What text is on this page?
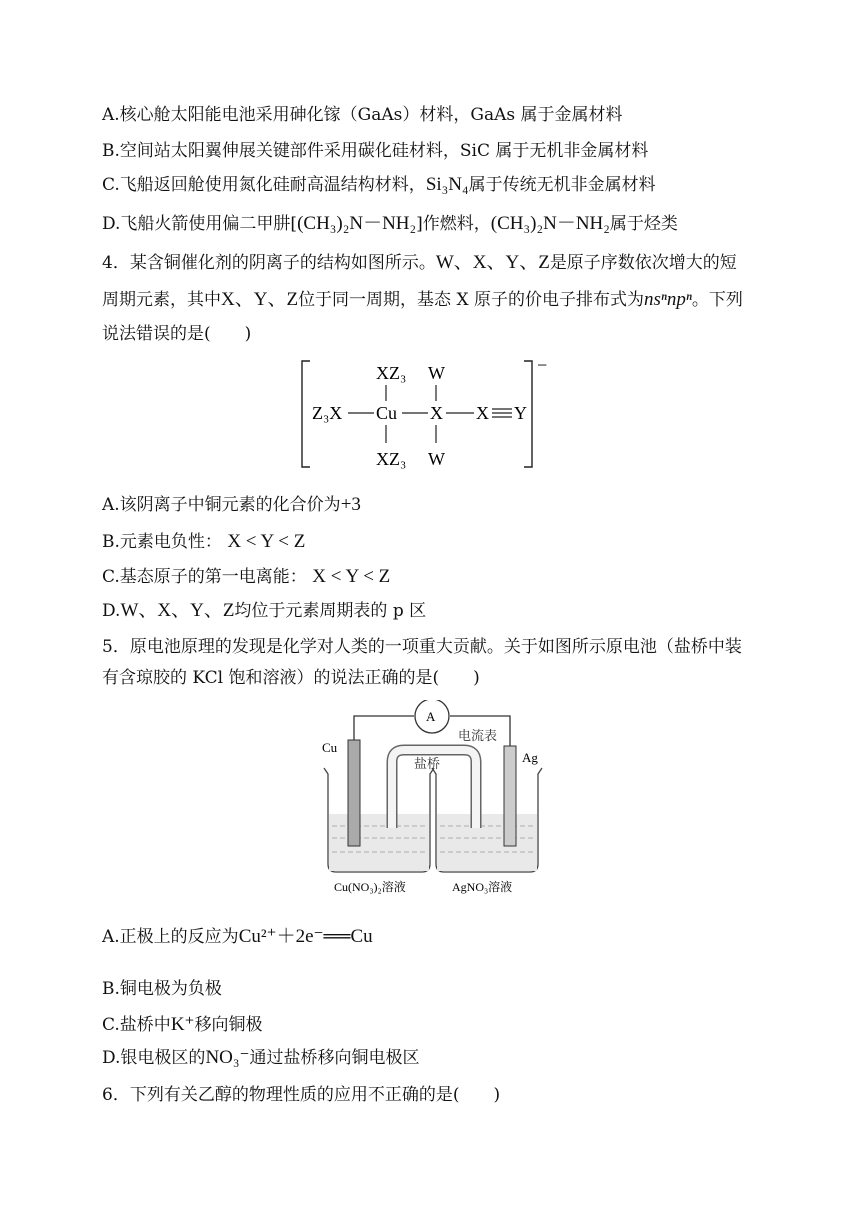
A.核心舱太阳能电池采用砷化镓（GaAs）材料，GaAs 属于金属材料
B.空间站太阳翼伸展关键部件采用碳化硅材料，SiC 属于无机非金属材料
C.飞船返回舱使用氮化硅耐高温结构材料，Si₃N₄属于传统无机非金属材料
D.飞船火箭使用偏二甲肼[(CH₃)₂N－NH₂]作燃料，(CH₃)₂N－NH₂属于烃类
4．某含铜催化剂的阴离子的结构如图所示。W、X、Y、Z是原子序数依次增大的短
周期元素，其中X、Y、Z位于同一周期，基态 X 原子的价电子排布式为nsⁿnpⁿ。下列
说法错误的是(　　)
−
XZ₃ W
Z₃X Cu X X Y
XZ₃ W
A.该阴离子中铜元素的化合价为+3
B.元素电负性： X < Y < Z
C.基态原子的第一电离能： X < Y < Z
D.W、X、Y、Z均位于元素周期表的 p 区
5．原电池原理的发现是化学对人类的一项重大贡献。关于如图所示原电池（盐桥中装
有含琼胶的 KCl 饱和溶液）的说法正确的是(　　)
A
电流表
Cu
Ag
盐桥
Cu(NO₃)₂溶液	AgNO₃溶液
A.正极上的反应为Cu²⁺＋2e⁻══Cu
B.铜电极为负极
C.盐桥中K⁺移向铜极
D.银电极区的NO₃⁻通过盐桥移向铜电极区
6．下列有关乙醇的物理性质的应用不正确的是(　　)
